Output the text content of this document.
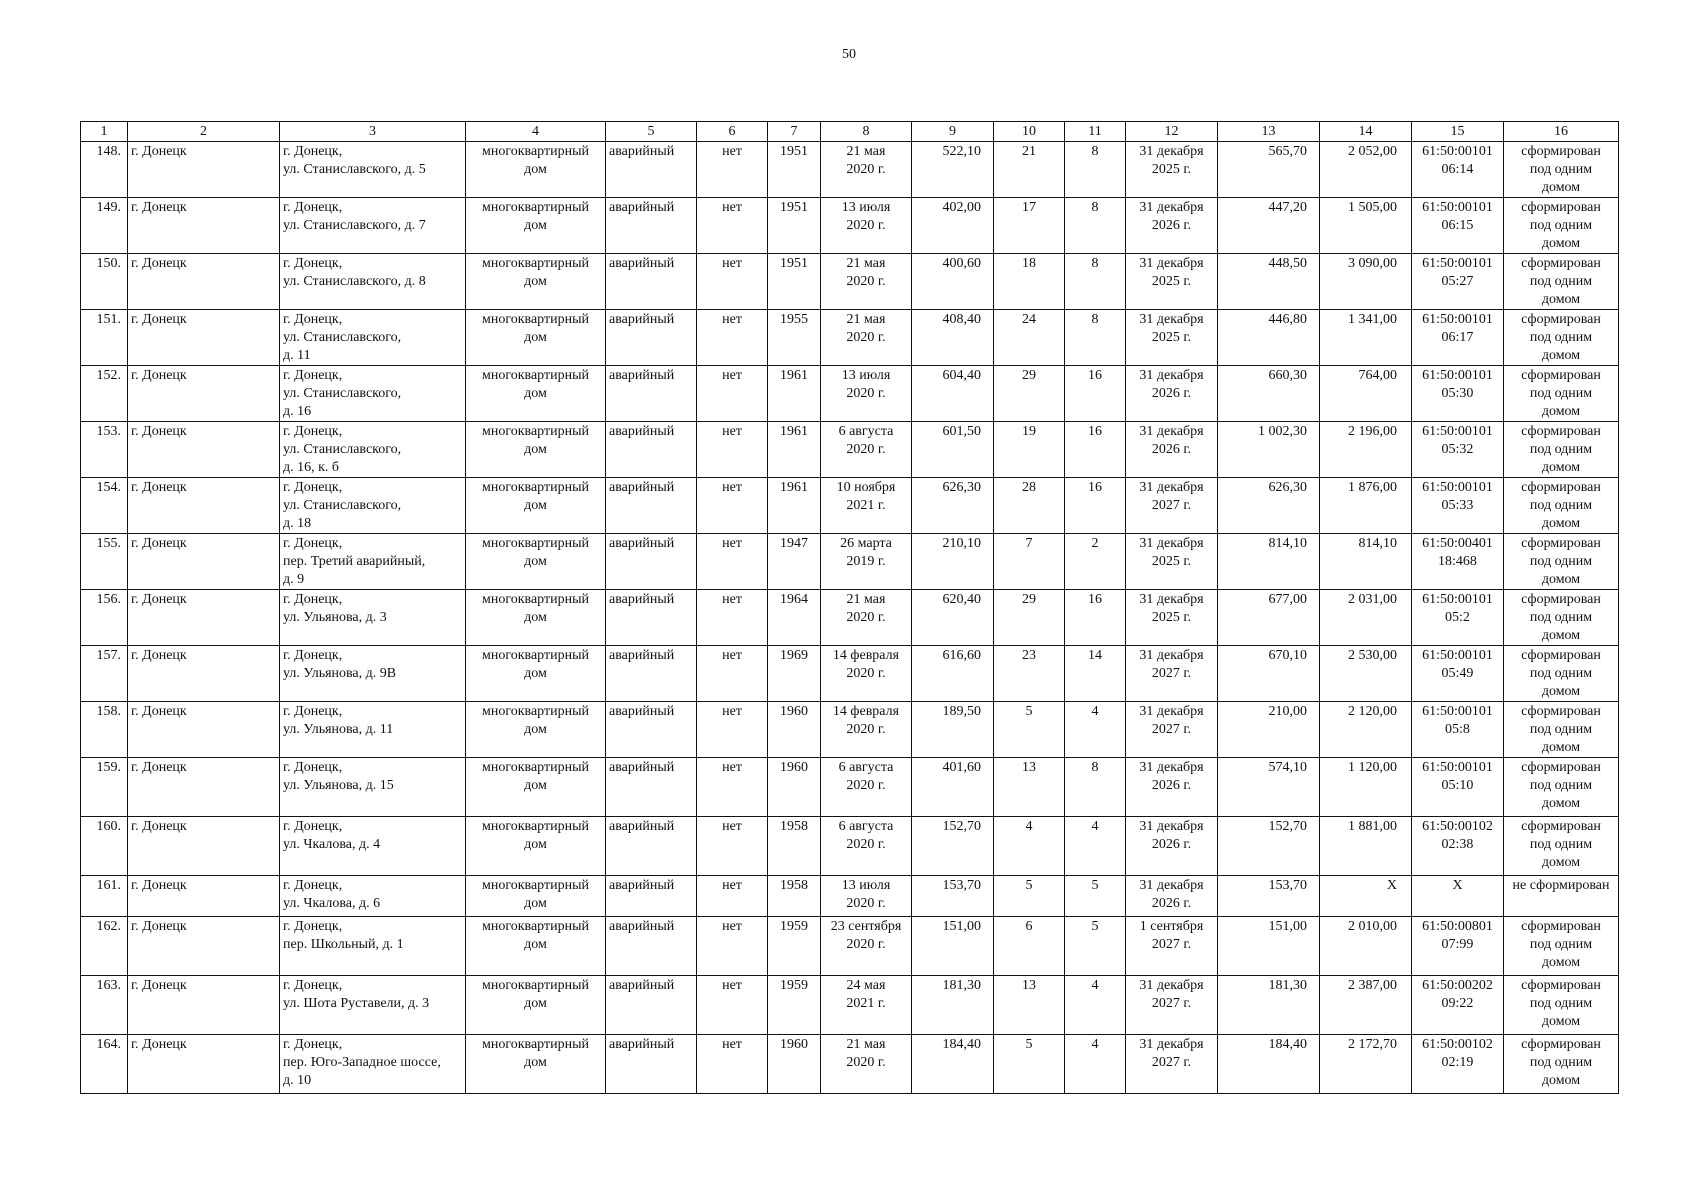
50
1	2	3	4	5	6	7	8	9	10	11	12	13	14	15	16
148.	г. Донецк	г. Донецк,
ул. Станиславского, д. 5	многоквартирный
дом	аварийный	нет	1951	21 мая
2020 г.	522,10	21	8	31 декабря
2025 г.	565,70	2 052,00	61:50:00101
06:14	сформирован
под одним
домом
149.	г. Донецк	г. Донецк,
ул. Станиславского, д. 7	многоквартирный
дом	аварийный	нет	1951	13 июля
2020 г.	402,00	17	8	31 декабря
2026 г.	447,20	1 505,00	61:50:00101
06:15	сформирован
под одним
домом
150.	г. Донецк	г. Донецк,
ул. Станиславского, д. 8	многоквартирный
дом	аварийный	нет	1951	21 мая
2020 г.	400,60	18	8	31 декабря
2025 г.	448,50	3 090,00	61:50:00101
05:27	сформирован
под одним
домом
151.	г. Донецк	г. Донецк,
ул. Станиславского,
д. 11	многоквартирный
дом	аварийный	нет	1955	21 мая
2020 г.	408,40	24	8	31 декабря
2025 г.	446,80	1 341,00	61:50:00101
06:17	сформирован
под одним
домом
152.	г. Донецк	г. Донецк,
ул. Станиславского,
д. 16	многоквартирный
дом	аварийный	нет	1961	13 июля
2020 г.	604,40	29	16	31 декабря
2026 г.	660,30	764,00	61:50:00101
05:30	сформирован
под одним
домом
153.	г. Донецк	г. Донецк,
ул. Станиславского,
д. 16, к. б	многоквартирный
дом	аварийный	нет	1961	6 августа
2020 г.	601,50	19	16	31 декабря
2026 г.	1 002,30	2 196,00	61:50:00101
05:32	сформирован
под одним
домом
154.	г. Донецк	г. Донецк,
ул. Станиславского,
д. 18	многоквартирный
дом	аварийный	нет	1961	10 ноября
2021 г.	626,30	28	16	31 декабря
2027 г.	626,30	1 876,00	61:50:00101
05:33	сформирован
под одним
домом
155.	г. Донецк	г. Донецк,
пер. Третий аварийный,
д. 9	многоквартирный
дом	аварийный	нет	1947	26 марта
2019 г.	210,10	7	2	31 декабря
2025 г.	814,10	814,10	61:50:00401
18:468	сформирован
под одним
домом
156.	г. Донецк	г. Донецк,
ул. Ульянова, д. 3	многоквартирный
дом	аварийный	нет	1964	21 мая
2020 г.	620,40	29	16	31 декабря
2025 г.	677,00	2 031,00	61:50:00101
05:2	сформирован
под одним
домом
157.	г. Донецк	г. Донецк,
ул. Ульянова, д. 9В	многоквартирный
дом	аварийный	нет	1969	14 февраля
2020 г.	616,60	23	14	31 декабря
2027 г.	670,10	2 530,00	61:50:00101
05:49	сформирован
под одним
домом
158.	г. Донецк	г. Донецк,
ул. Ульянова, д. 11	многоквартирный
дом	аварийный	нет	1960	14 февраля
2020 г.	189,50	5	4	31 декабря
2027 г.	210,00	2 120,00	61:50:00101
05:8	сформирован
под одним
домом
159.	г. Донецк	г. Донецк,
ул. Ульянова, д. 15	многоквартирный
дом	аварийный	нет	1960	6 августа
2020 г.	401,60	13	8	31 декабря
2026 г.	574,10	1 120,00	61:50:00101
05:10	сформирован
под одним
домом
160.	г. Донецк	г. Донецк,
ул. Чкалова, д. 4	многоквартирный
дом	аварийный	нет	1958	6 августа
2020 г.	152,70	4	4	31 декабря
2026 г.	152,70	1 881,00	61:50:00102
02:38	сформирован
под одним
домом
161.	г. Донецк	г. Донецк,
ул. Чкалова, д. 6	многоквартирный
дом	аварийный	нет	1958	13 июля
2020 г.	153,70	5	5	31 декабря
2026 г.	153,70	Х	Х	не сформирован
162.	г. Донецк	г. Донецк,
пер. Школьный, д. 1	многоквартирный
дом	аварийный	нет	1959	23 сентября
2020 г.	151,00	6	5	1 сентября
2027 г.	151,00	2 010,00	61:50:00801
07:99	сформирован
под одним
домом
163.	г. Донецк	г. Донецк,
ул. Шота Руставели, д. 3	многоквартирный
дом	аварийный	нет	1959	24 мая
2021 г.	181,30	13	4	31 декабря
2027 г.	181,30	2 387,00	61:50:00202
09:22	сформирован
под одним
домом
164.	г. Донецк	г. Донецк,
пер. Юго-Западное шоссе,
д. 10	многоквартирный
дом	аварийный	нет	1960	21 мая
2020 г.	184,40	5	4	31 декабря
2027 г.	184,40	2 172,70	61:50:00102
02:19	сформирован
под одним
домом
